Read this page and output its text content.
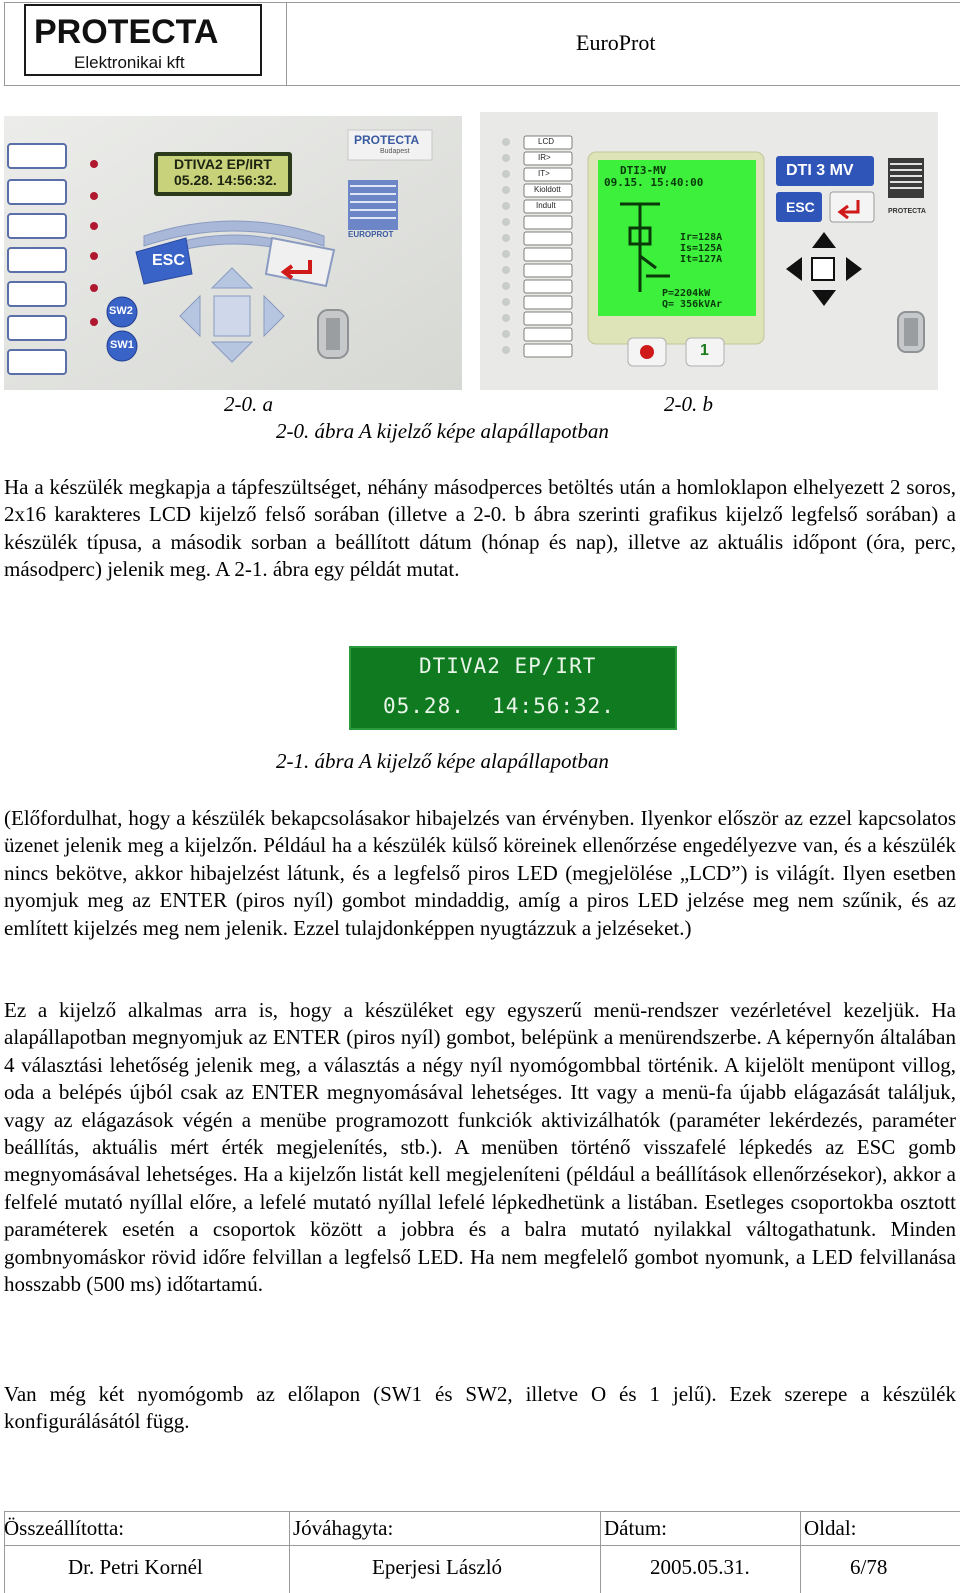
PROTECTA
Elektronikai kft
EuroProt
DTIVA2 EP/IRT
05.28. 14:56:32.
PROTECTA
Budapest
EUROPROT
ESC
SW2
SW1
LCD
IR>
IT>
Kioldott
Indult
DTI3-MV
09.15. 15:40:00
Ir=128A
Is=125A
It=127A
P=2204kW
Q= 356kVAr
DTI 3 MV
ESC
1
PROTECTA
2-0. a	2-0. b
2-0. ábra A kijelző képe alapállapotban
Ha a készülék megkapja a tápfeszültséget, néhány másodperces betöltés után a homloklapon elhelyezett 2 soros, 2x16 karakteres LCD kijelző felső sorában (illetve a 2-0. b ábra szerinti grafikus kijelző legfelső sorában) a készülék típusa, a második sorban a beállított dátum (hónap és nap), illetve az aktuális időpont (óra, perc, másodperc) jelenik meg. A 2-1. ábra egy példát mutat.
DTIVA2 EP/IRT
05.28.  14:56:32.
2-1. ábra A kijelző képe alapállapotban
(Előfordulhat, hogy a készülék bekapcsolásakor hibajelzés van érvényben. Ilyenkor először az ezzel kapcsolatos üzenet jelenik meg a kijelzőn. Például ha a készülék külső köreinek ellenőrzése engedélyezve van, és a készülék nincs bekötve, akkor hibajelzést látunk, és a legfelső piros LED (megjelölése „LCD”) is világít. Ilyen esetben nyomjuk meg az ENTER (piros nyíl) gombot mindaddig, amíg a piros LED jelzése meg nem szűnik, és az említett kijelzés meg nem jelenik. Ezzel tulajdonképpen nyugtázzuk a jelzéseket.)
Ez a kijelző alkalmas arra is, hogy a készüléket egy egyszerű menü-rendszer vezérletével kezeljük. Ha alapállapotban megnyomjuk az ENTER (piros nyíl) gombot, belépünk a menürendszerbe. A képernyőn általában 4 választási lehetőség jelenik meg, a választás a négy nyíl nyomógombbal történik. A kijelölt menüpont villog, oda a belépés újból csak az ENTER megnyomásával lehetséges. Itt vagy a menü-fa újabb elágazását találjuk, vagy az elágazások végén a menübe programozott funkciók aktivizálhatók (paraméter lekérdezés, paraméter beállítás, aktuális mért érték megjelenítés, stb.). A menüben történő visszafelé lépkedés az ESC gomb megnyomásával lehetséges. Ha a kijelzőn listát kell megjeleníteni (például a beállítások ellenőrzésekor), akkor a felfelé mutató nyíllal előre, a lefelé mutató nyíllal lefelé lépkedhetünk a listában. Esetleges csoportokba osztott paraméterek esetén a csoportok között a jobbra és a balra mutató nyilakkal váltogathatunk. Minden gombnyomáskor rövid időre felvillan a legfelső LED. Ha nem megfelelő gombot nyomunk, a LED felvillanása hosszabb (500 ms) időtartamú.
Van még két nyomógomb az előlapon (SW1 és SW2, illetve O és 1 jelű). Ezek szerepe a készülék konfigurálásától függ.
Összeállította:	Jóváhagyta:	Dátum:	Oldal:
Dr. Petri Kornél	Eperjesi László	2005.05.31.	6/78
